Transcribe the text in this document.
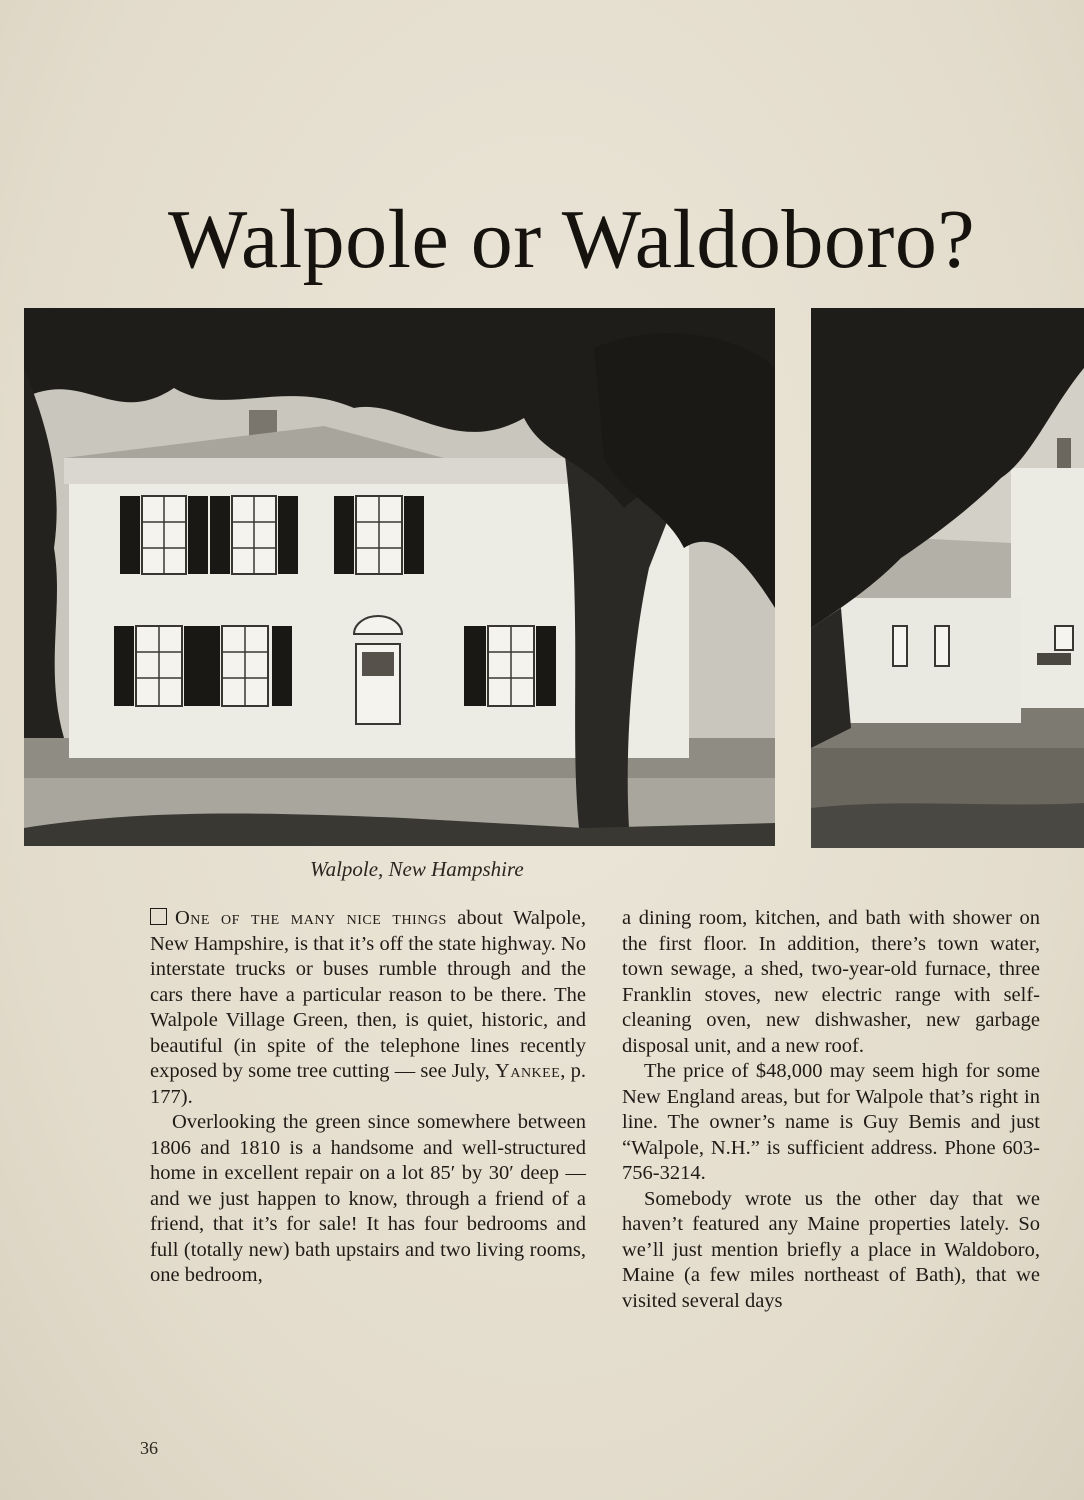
Walpole or Waldoboro?
Walpole, New Hampshire

One of the many nice things about Walpole, New Hampshire, is that it’s off the state highway. No interstate trucks or buses rumble through and the cars there have a particular reason to be there. The Walpole Village Green, then, is quiet, historic, and beautiful (in spite of the telephone lines recently exposed by some tree cutting — see July, Yankee, p. 177).

Overlooking the green since somewhere between 1806 and 1810 is a handsome and well-structured home in excellent repair on a lot 85′ by 30′ deep — and we just happen to know, through a friend of a friend, that it’s for sale! It has four bedrooms and full (totally new) bath upstairs and two living rooms, one bedroom,

a dining room, kitchen, and bath with shower on the first floor. In addition, there’s town water, town sewage, a shed, two-year-old furnace, three Franklin stoves, new electric range with self-cleaning oven, new dishwasher, new garbage disposal unit, and a new roof.

The price of $48,000 may seem high for some New England areas, but for Walpole that’s right in line. The owner’s name is Guy Bemis and just “Walpole, N.H.” is sufficient address. Phone 603-756-3214.

Somebody wrote us the other day that we haven’t featured any Maine properties lately. So we’ll just mention briefly a place in Waldoboro, Maine (a few miles northeast of Bath), that we visited several days

36
